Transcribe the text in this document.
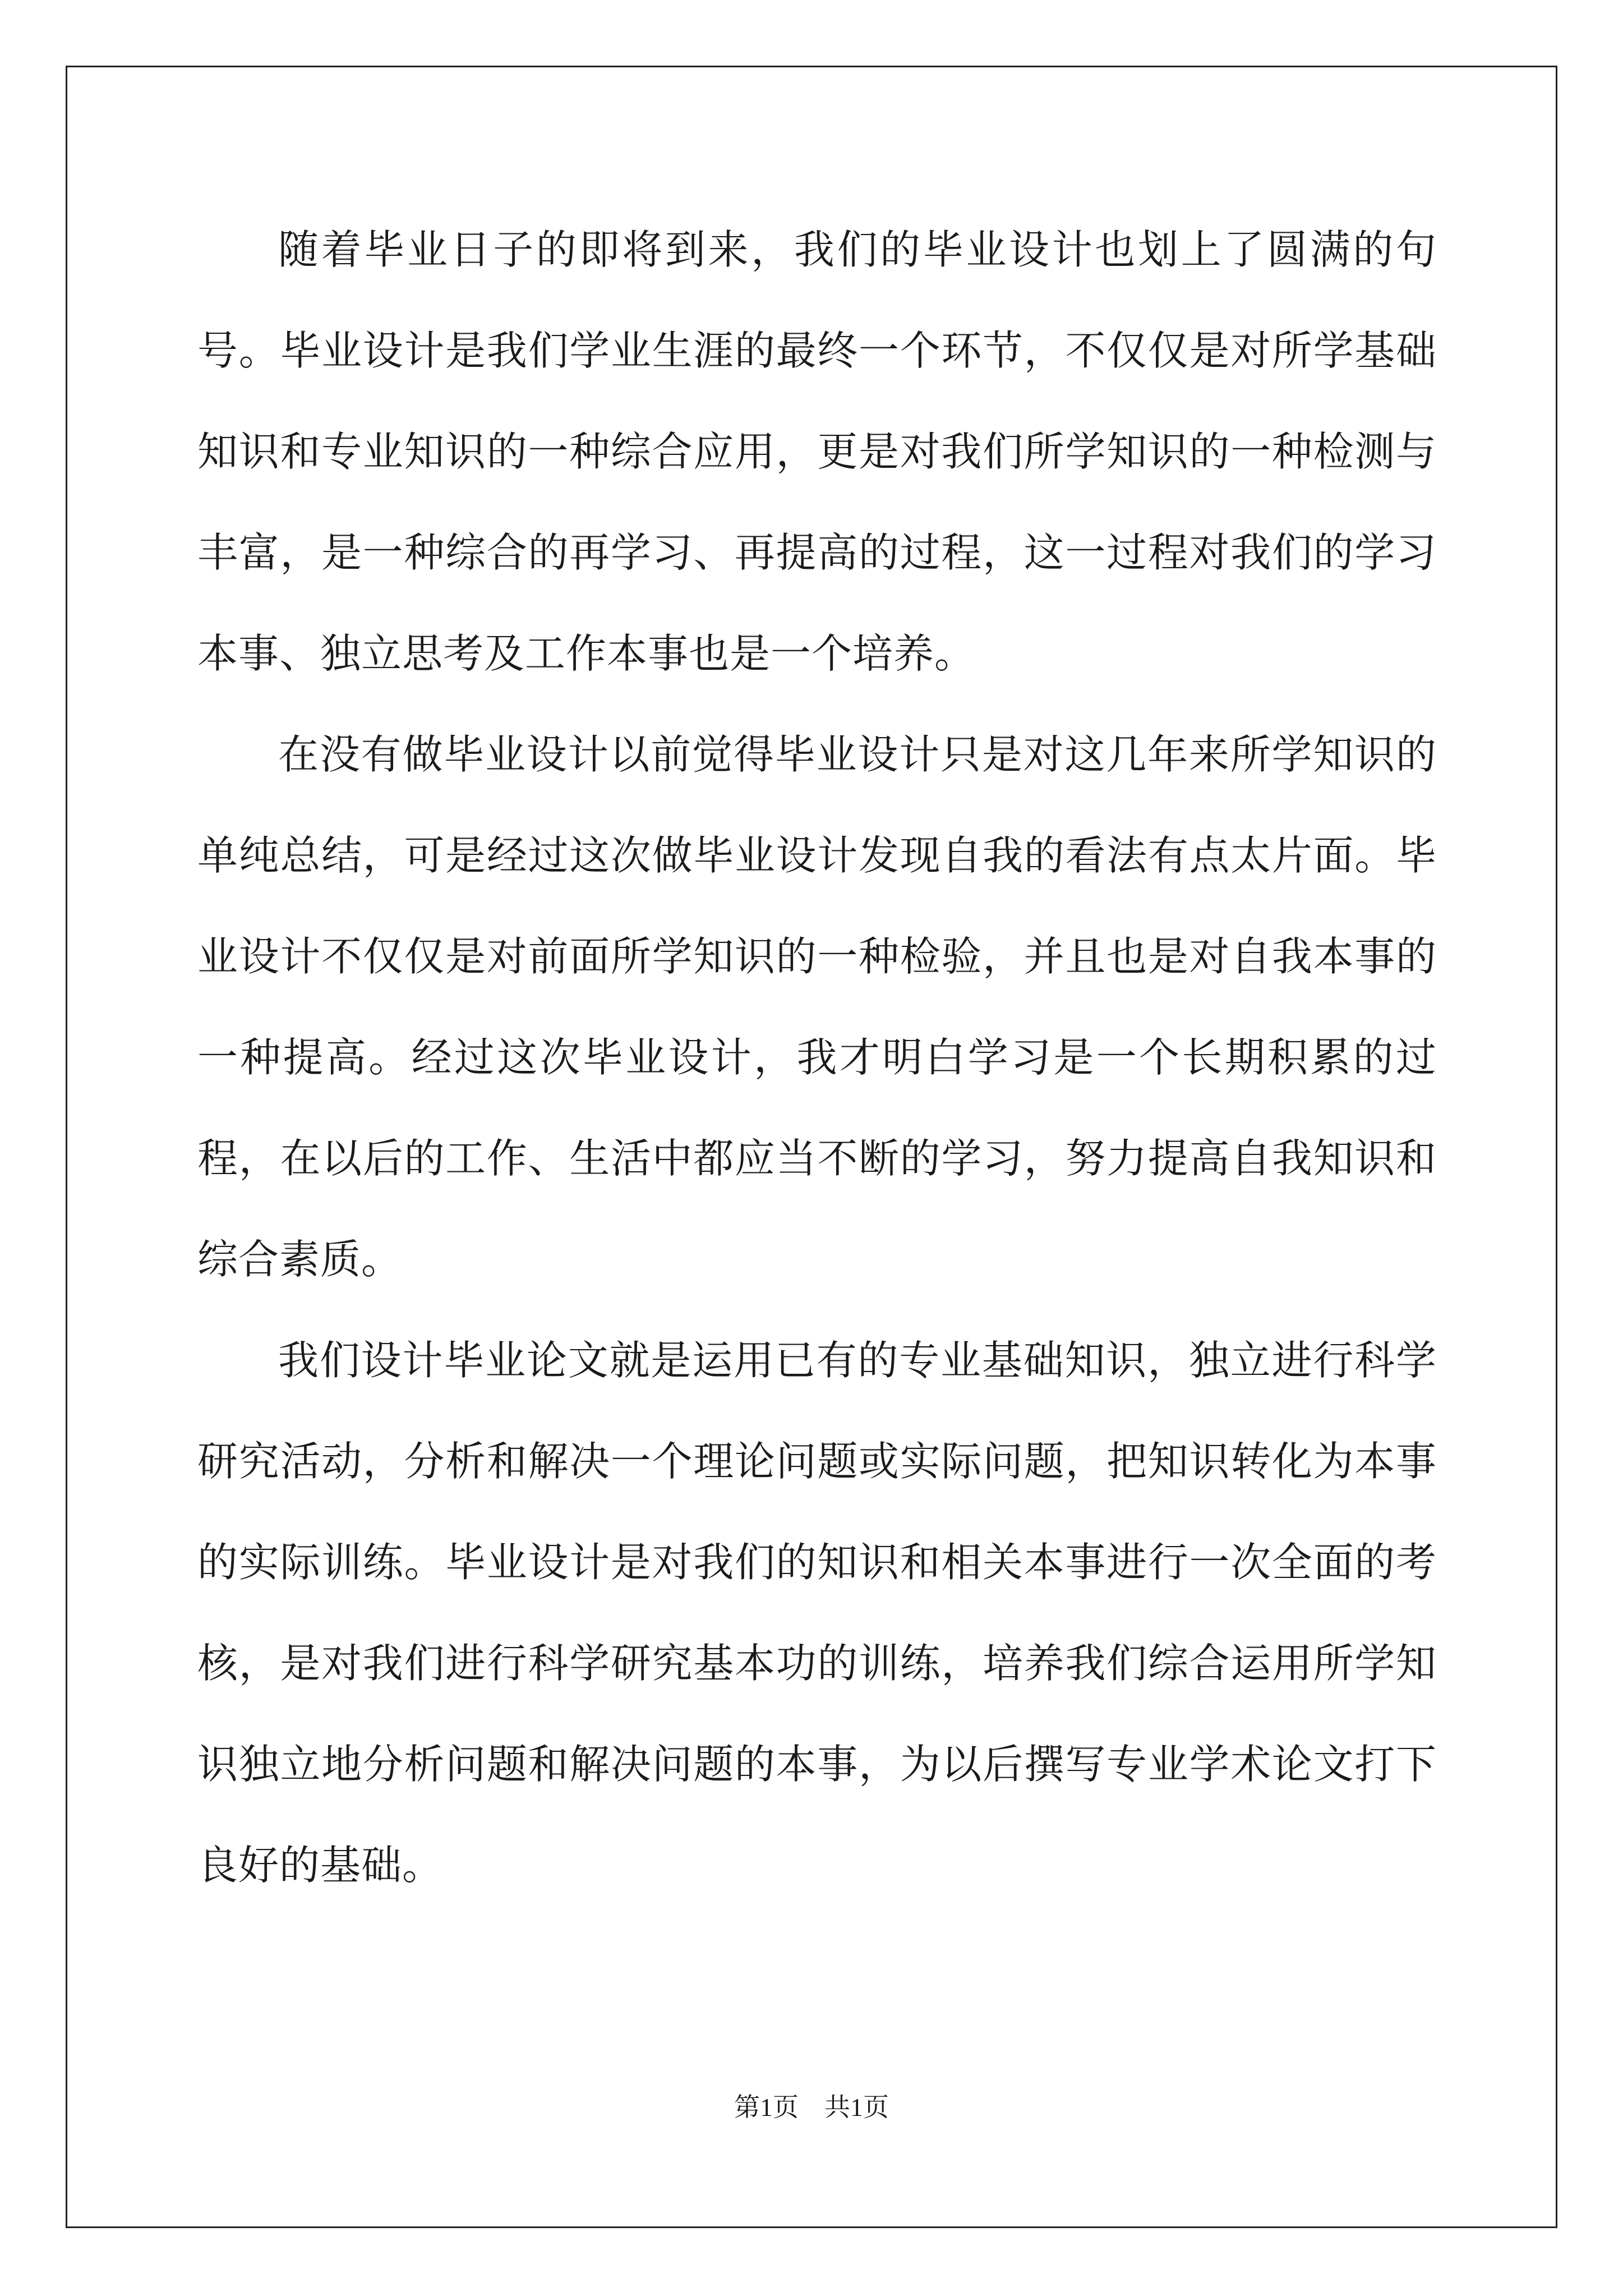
随着毕业日子的即将到来，我们的毕业设计也划上了圆满的句号。毕业设计是我们学业生涯的最终一个环节，不仅仅是对所学基础知识和专业知识的一种综合应用，更是对我们所学知识的一种检测与丰富，是一种综合的再学习、再提高的过程，这一过程对我们的学习本事、独立思考及工作本事也是一个培养。

在没有做毕业设计以前觉得毕业设计只是对这几年来所学知识的单纯总结，可是经过这次做毕业设计发现自我的看法有点太片面。毕业设计不仅仅是对前面所学知识的一种检验，并且也是对自我本事的一种提高。经过这次毕业设计，我才明白学习是一个长期积累的过程，在以后的工作、生活中都应当不断的学习，努力提高自我知识和综合素质。

我们设计毕业论文就是运用已有的专业基础知识，独立进行科学研究活动，分析和解决一个理论问题或实际问题，把知识转化为本事的实际训练。毕业设计是对我们的知识和相关本事进行一次全面的考核，是对我们进行科学研究基本功的训练，培养我们综合运用所学知识独立地分析问题和解决问题的本事，为以后撰写专业学术论文打下良好的基础。

第1页　共1页
